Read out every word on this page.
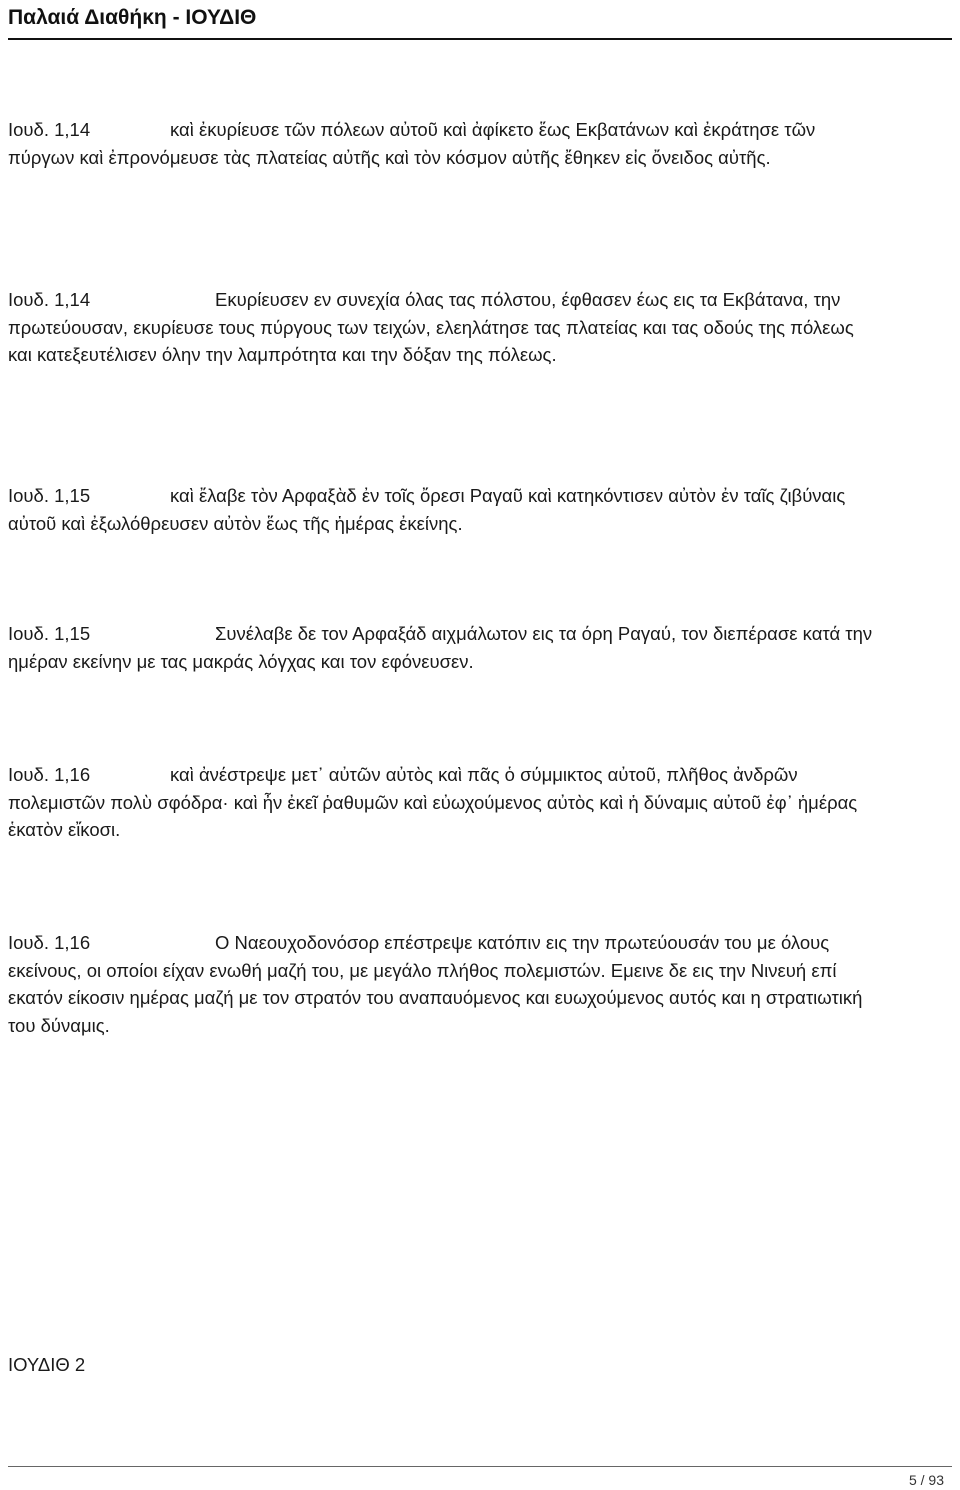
Παλαιά Διαθήκη - ΙΟΥΔΙΘ
Ιουδ. 1,14	καὶ ἐκυρίευσε τῶν πόλεων αὐτοῦ καὶ ἀφίκετο ἕως Εκβατάνων καὶ ἐκράτησε τῶν πύργων καὶ ἐπρονόμευσε τὰς πλατείας αὐτῆς καὶ τὸν κόσμον αὐτῆς ἔθηκεν εἰς ὄνειδος αὐτῆς.
Ιουδ. 1,14	Εκυρίευσεν εν συνεχία όλας τας πόλστου, έφθασεν έως εις τα Εκβάτανα, την πρωτεύουσαν, εκυρίευσε τους πύργους των τειχών, ελεηλάτησε τας πλατείας και τας οδούς της πόλεως και κατεξευτέλισεν όλην την λαμπρότητα και την δόξαν της πόλεως.
Ιουδ. 1,15	καὶ ἔλαβε τὸν Αρφαξὰδ ἐν τοῖς ὄρεσι Ραγαῦ καὶ κατηκόντισεν αὐτὸν ἐν ταῖς ζιβύναις αὐτοῦ καὶ ἐξωλόθρευσεν αὐτὸν ἕως τῆς ἡμέρας ἐκείνης.
Ιουδ. 1,15	Συνέλαβε δε τον Αρφαξάδ αιχμάλωτον εις τα όρη Ραγαύ, τον διεπέρασε κατά την ημέραν εκείνην με τας μακράς λόγχας και τον εφόνευσεν.
Ιουδ. 1,16	καὶ ἀνέστρεψε μετ᾿ αὐτῶν αὐτὸς καὶ πᾶς ὁ σύμμικτος αὐτοῦ, πλῆθος ἀνδρῶν πολεμιστῶν πολὺ σφόδρα· καὶ ἦν ἐκεῖ ῥαθυμῶν καὶ εὐωχούμενος αὐτὸς καὶ ἡ δύναμις αὐτοῦ ἐφ᾿ ἡμέρας ἑκατὸν εἴκοσι.
Ιουδ. 1,16	Ο Ναεουχοδονόσορ επέστρεψε κατόπιν εις την πρωτεύουσάν του με όλους εκείνους, οι οποίοι είχαν ενωθή μαζή του, με μεγάλο πλήθος πολεμιστών. Εμεινε δε εις την Νινευή επί εκατόν είκοσιν ημέρας μαζή με τον στρατόν του αναπαυόμενος και ευωχούμενος αυτός και η στρατιωτική του δύναμις.
ΙΟΥΔΙΘ 2
5 / 93
